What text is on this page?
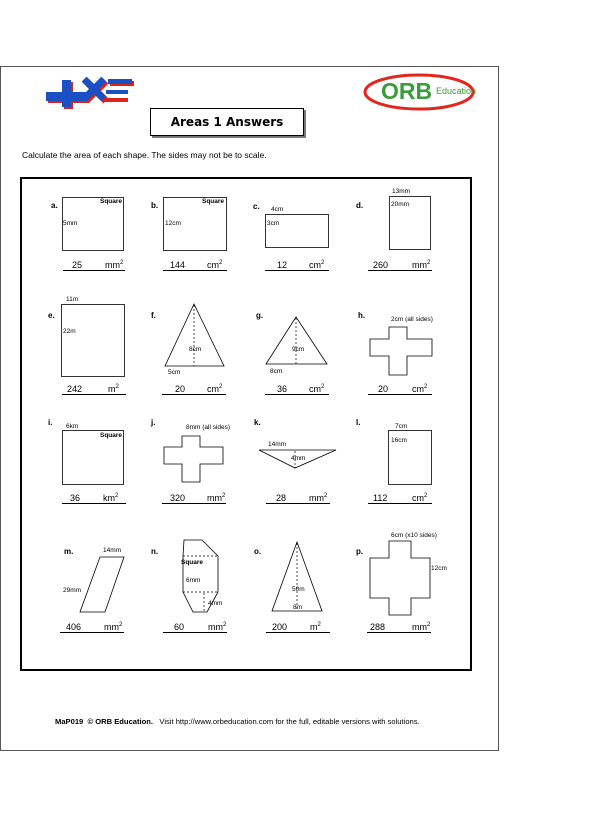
ORB Education
Areas 1 Answers
Calculate the area of each shape. The sides may not be to scale.
a.	Square
5mm
25	$mm^2$
b.	Square
12cm
144 $cm^2$
c. 4cm
3cm
12 $cm^2$
d.
13mm
20mm
260	$mm^2$
e.
11m
22m
242	$m^2$
f.
8cm
5cm
20 $cm^2$
g.
9cm
8cm
36 $cm^2$
h.	2cm (all sides)
20	$cm^2$
i. 6km
Square
36	$km^2$
j.
8mm (all sides)
320 $mm^2$
k.
14mm
4mm
28	$mm^2$
l.	7cm
16cm
112	$cm^2$
m.	14mm
29mm
406	$mm^2$
n.
Square
6mm
4mm
60	$mm^2$
o.
50m
8m
200	$m^2$
p.
6cm (x10 sides)
12cm
288	$mm^2$
MaP019 © ORB Education. Visit http://www.orbeducation.com for the full, editable versions with solutions.
